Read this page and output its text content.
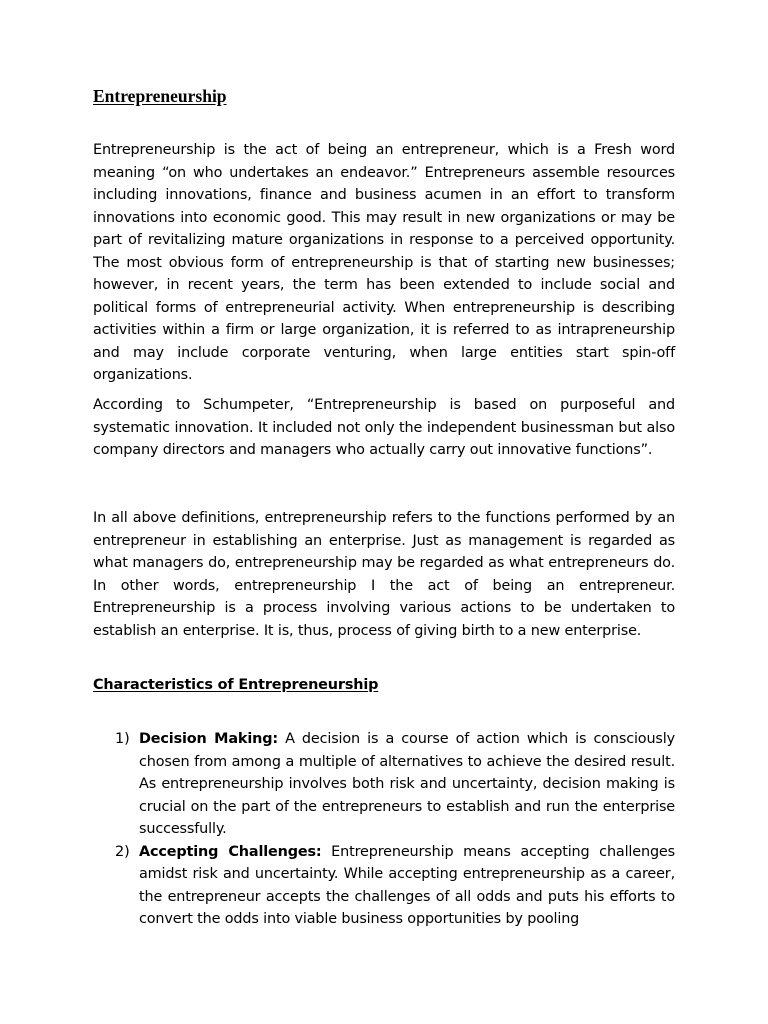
Entrepreneurship

Entrepreneurship is the act of being an entrepreneur, which is a Fresh word meaning “on who undertakes an endeavor.” Entrepreneurs assemble resources including innovations, finance and business acumen in an effort to transform innovations into economic good. This may result in new organizations or may be part of revitalizing mature organizations in response to a perceived opportunity. The most obvious form of entrepreneurship is that of starting new businesses; however, in recent years, the term has been extended to include social and political forms of entrepreneurial activity. When entrepreneurship is describing activities within a firm or large organization, it is referred to as intrapreneurship and may include corporate venturing, when large entities start spin-off organizations.

According to Schumpeter, “Entrepreneurship is based on purposeful and systematic innovation. It included not only the independent businessman but also company directors and managers who actually carry out innovative functions”.

In all above definitions, entrepreneurship refers to the functions performed by an entrepreneur in establishing an enterprise. Just as management is regarded as what managers do, entrepreneurship may be regarded as what entrepreneurs do. In other words, entrepreneurship I the act of being an entrepreneur. Entrepreneurship is a process involving various actions to be undertaken to establish an enterprise. It is, thus, process of giving birth to a new enterprise.

Characteristics of Entrepreneurship
1) Decision Making: A decision is a course of action which is consciously chosen from among a multiple of alternatives to achieve the desired result. As entrepreneurship involves both risk and uncertainty, decision making is crucial on the part of the entrepreneurs to establish and run the enterprise successfully.

2) Accepting Challenges: Entrepreneurship means accepting challenges amidst risk and uncertainty. While accepting entrepreneurship as a career, the entrepreneur accepts the challenges of all odds and puts his efforts to convert the odds into viable business opportunities by pooling
